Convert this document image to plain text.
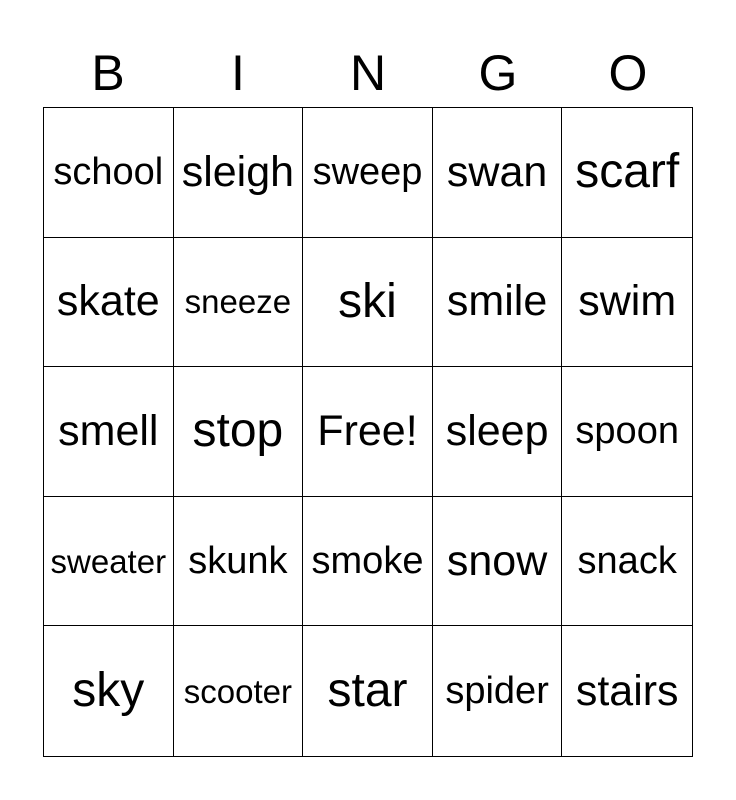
B	I	N	G	O
school sleigh sweep swan scarf
skate sneeze ski	smile swim
smell stop Free! sleep spoon
sweater skunk smoke snow snack
sky	scooter star spider stairs
